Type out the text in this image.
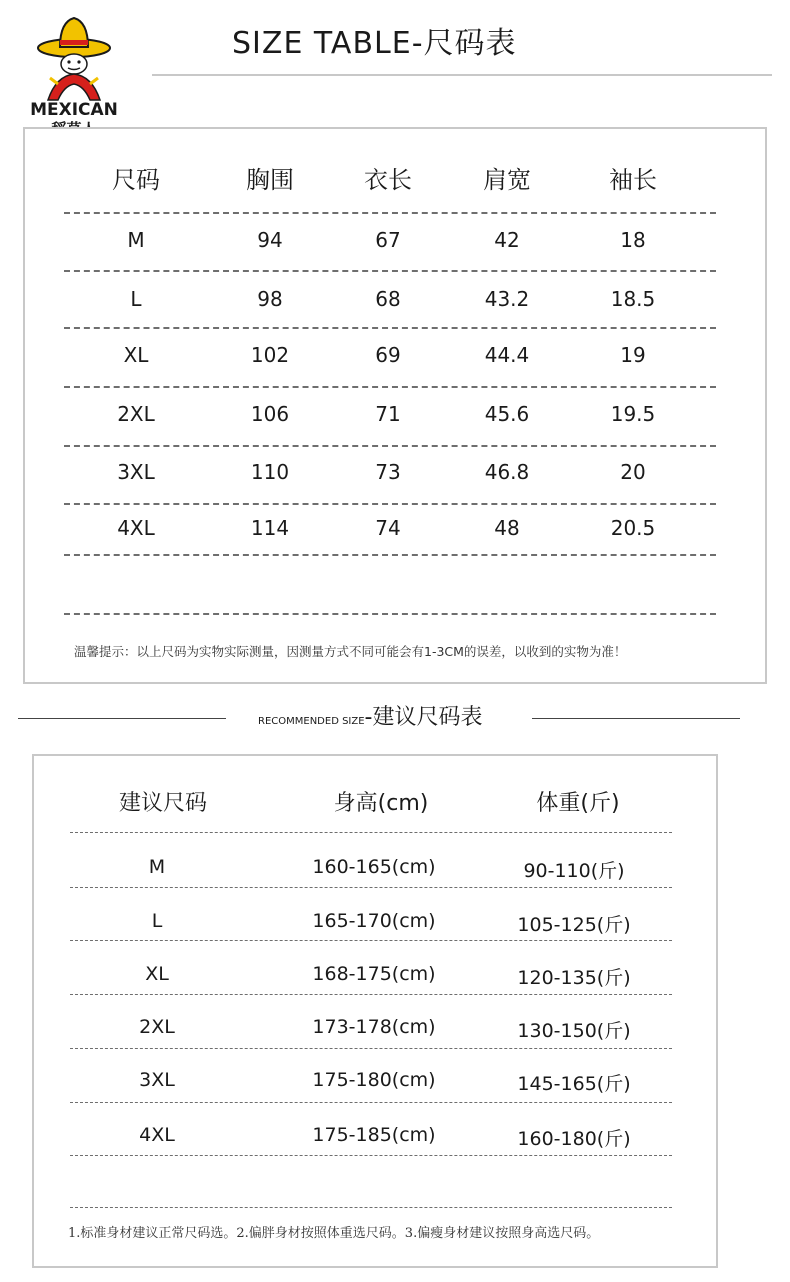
MEXICAN
SIZE TABLE-尺码表
尺码	胸围	衣长	肩宽	袖长
M	94	67	42	18
L	98	68	43.2	18.5
XL	102	69	44.4	19
2XL	106	71	45.6	19.5
3XL	110	73	46.8	20
4XL	114	74	48	20.5
温馨提示：以上尺码为实物实际测量，因测量方式不同可能会有1-3CM的误差，以收到的实物为准！
RECOMMENDED SIZE-建议尺码表
建议尺码	身高(cm)	体重(斤)
M	160-165(cm)	90-110(斤)
L	165-170(cm)	105-125(斤)
XL	168-175(cm)	120-135(斤)
2XL	173-178(cm)	130-150(斤)
3XL	175-180(cm)	145-165(斤)
4XL	175-185(cm)	160-180(斤)
1.标准身材建议正常尺码选。2.偏胖身材按照体重选尺码。3.偏瘦身材建议按照身高选尺码。
